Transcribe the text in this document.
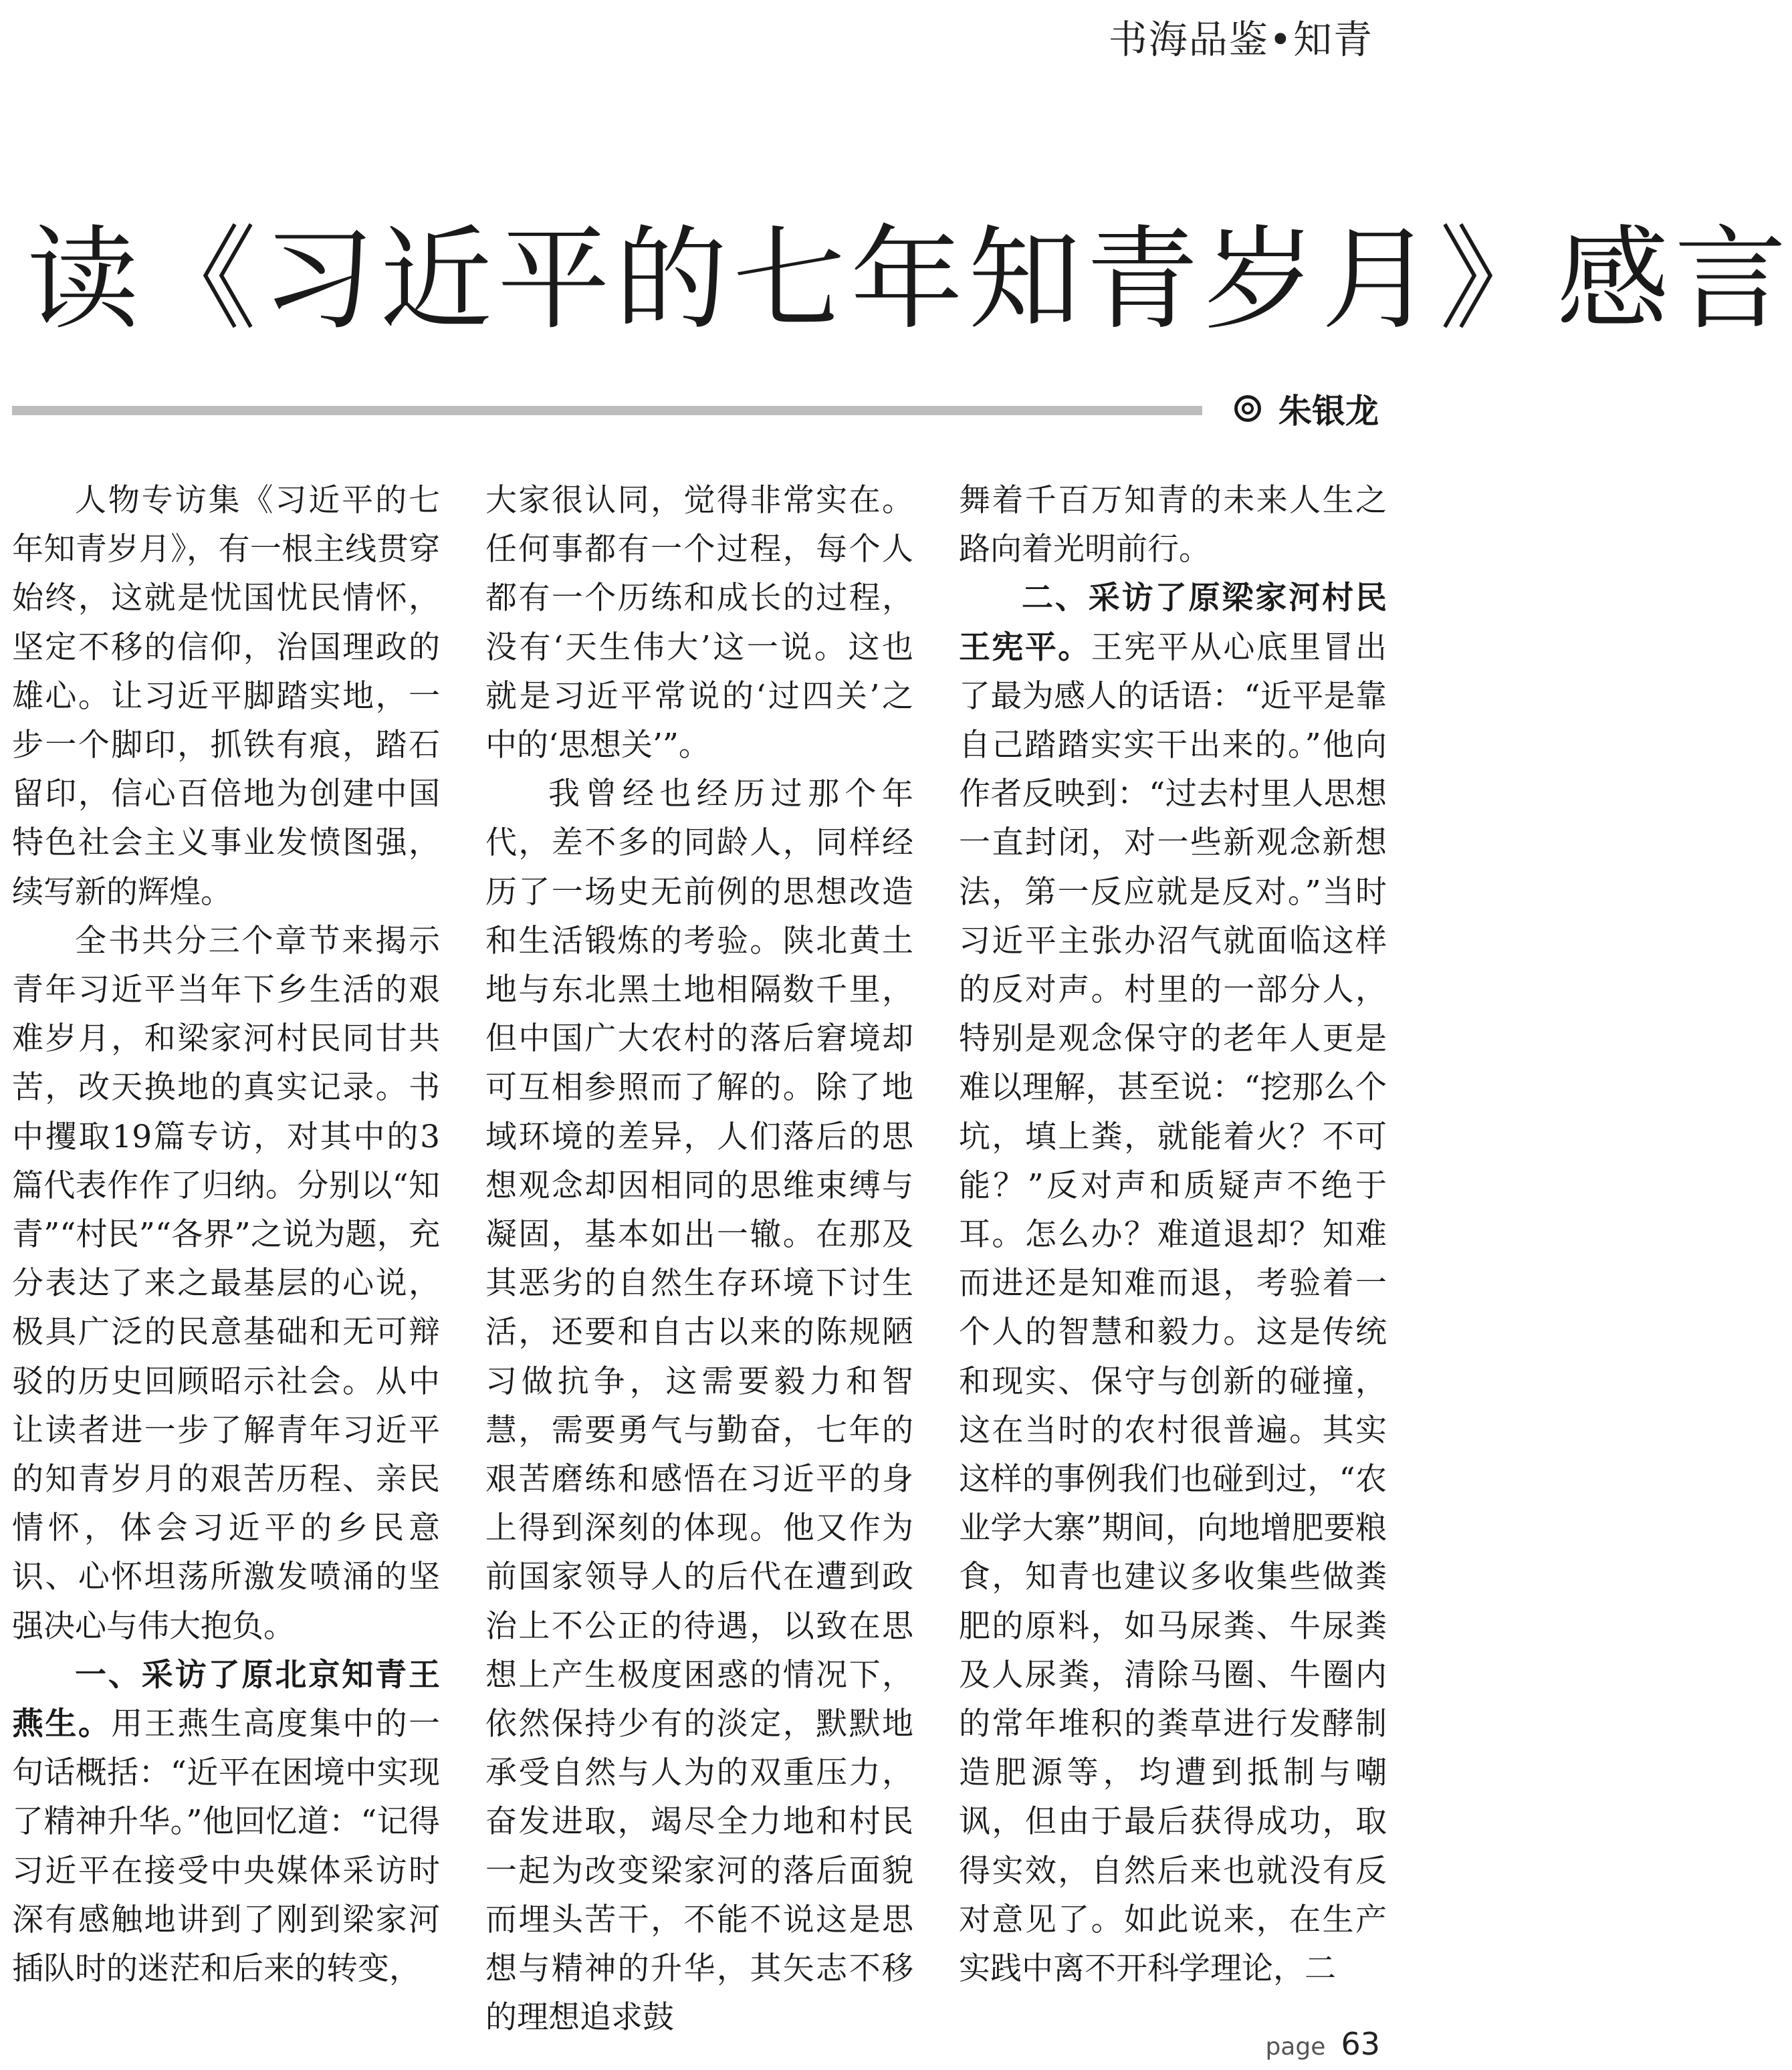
书海品鉴•知青
读《习近平的七年知青岁月》感言
朱银龙

人物专访集《习近平的七年知青岁月》，有一根主线贯穿始终，这就是忧国忧民情怀，坚定不移的信仰，治国理政的雄心。让习近平脚踏实地，一步一个脚印，抓铁有痕，踏石留印，信心百倍地为创建中国特色社会主义事业发愤图强，续写新的辉煌。

全书共分三个章节来揭示青年习近平当年下乡生活的艰难岁月，和梁家河村民同甘共苦，改天换地的真实记录。书中攫取19篇专访，对其中的3篇代表作作了归纳。分别以“知青”“村民”“各界”之说为题，充分表达了来之最基层的心说，极具广泛的民意基础和无可辩驳的历史回顾昭示社会。从中让读者进一步了解青年习近平的知青岁月的艰苦历程、亲民情怀，体会习近平的乡民意识、心怀坦荡所激发喷涌的坚强决心与伟大抱负。

一、采访了原北京知青王燕生。用王燕生高度集中的一句话概括：“近平在困境中实现了精神升华。”他回忆道：“记得习近平在接受中央媒体采访时深有感触地讲到了刚到梁家河插队时的迷茫和后来的转变，

大家很认同，觉得非常实在。任何事都有一个过程，每个人都有一个历练和成长的过程，没有‘天生伟大’这一说。这也就是习近平常说的‘过四关’之中的‘思想关’”。

我曾经也经历过那个年代，差不多的同龄人，同样经历了一场史无前例的思想改造和生活锻炼的考验。陕北黄土地与东北黑土地相隔数千里，但中国广大农村的落后窘境却可互相参照而了解的。除了地域环境的差异，人们落后的思想观念却因相同的思维束缚与凝固，基本如出一辙。在那及其恶劣的自然生存环境下讨生活，还要和自古以来的陈规陋习做抗争，这需要毅力和智慧，需要勇气与勤奋，七年的艰苦磨练和感悟在习近平的身上得到深刻的体现。他又作为前国家领导人的后代在遭到政治上不公正的待遇，以致在思想上产生极度困惑的情况下，依然保持少有的淡定，默默地承受自然与人为的双重压力，奋发进取，竭尽全力地和村民一起为改变梁家河的落后面貌而埋头苦干，不能不说这是思想与精神的升华，其矢志不移的理想追求鼓

舞着千百万知青的未来人生之路向着光明前行。

二、采访了原梁家河村民王宪平。王宪平从心底里冒出了最为感人的话语：“近平是靠自己踏踏实实干出来的。”他向作者反映到：“过去村里人思想一直封闭，对一些新观念新想法，第一反应就是反对。”当时习近平主张办沼气就面临这样的反对声。村里的一部分人，特别是观念保守的老年人更是难以理解，甚至说：“挖那么个坑，填上粪，就能着火？不可能？”反对声和质疑声不绝于耳。怎么办？难道退却？知难而进还是知难而退，考验着一个人的智慧和毅力。这是传统和现实、保守与创新的碰撞，这在当时的农村很普遍。其实这样的事例我们也碰到过，“农业学大寨”期间，向地增肥要粮食，知青也建议多收集些做粪肥的原料，如马尿粪、牛尿粪及人尿粪，清除马圈、牛圈内的常年堆积的粪草进行发酵制造肥源等，均遭到抵制与嘲讽，但由于最后获得成功，取得实效，自然后来也就没有反对意见了。如此说来，在生产实践中离不开科学理论，二

page 63
